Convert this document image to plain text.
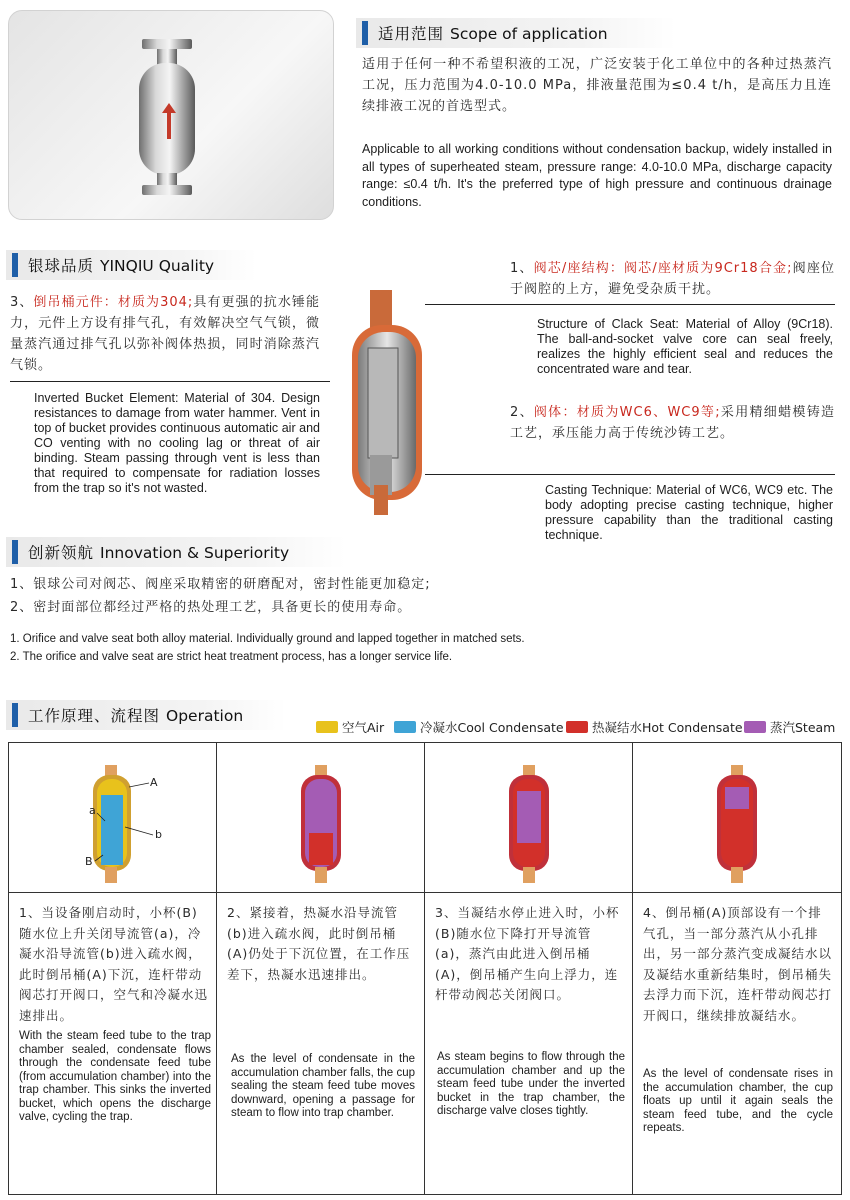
适用范围 Scope of application
适用于任何一种不希望积液的工况，广泛安装于化工单位中的各种过热蒸汽工况，压力范围为4.0-10.0 MPa，排液量范围为≤0.4 t/h，是高压力且连续排液工况的首选型式。
Applicable to all working conditions without condensation backup, widely installed in all types of superheated steam, pressure range: 4.0-10.0 MPa, discharge capacity range: ≤0.4 t/h. It's the preferred type of high pressure and continuous drainage conditions.
银球品质 YINQIU Quality
3、倒吊桶元件：材质为304;具有更强的抗水锤能力，元件上方设有排气孔，有效解决空气气锁，微量蒸汽通过排气孔以弥补阀体热损，同时消除蒸汽气锁。
Inverted Bucket Element: Material of 304. Design resistances to damage from water hammer. Vent in top of bucket provides continuous automatic air and CO venting with no cooling lag or threat of air binding. Steam passing through vent is less than that required to compensate for radiation losses from the trap so it's not wasted.
1、阀芯/座结构：阀芯/座材质为9Cr18合金;阀座位于阀腔的上方，避免受杂质干扰。
Structure of Clack Seat: Material of Alloy (9Cr18). The ball-and-socket valve core can seal freely, realizes the highly efficient seal and reduces the concentrated ware and tear.
2、阀体：材质为WC6、WC9等;采用精细蜡模铸造工艺，承压能力高于传统沙铸工艺。
Casting Technique: Material of WC6, WC9 etc. The body adopting precise casting technique, higher pressure capability than the traditional casting technique.
创新领航 Innovation & Superiority
1、银球公司对阀芯、阀座采取精密的研磨配对，密封性能更加稳定;
2、密封面部位都经过严格的热处理工艺，具备更长的使用寿命。
1. Orifice and valve seat both alloy material. Individually ground and lapped together in matched sets.
2. The orifice and valve seat are strict heat treatment process, has a longer service life.
工作原理、流程图 Operation
空气Air	冷凝水Cool Condensate 热凝结水Hot Condensate 蒸汽Steam
A
a
b
B
1、当设备刚启动时，小杯(B)随水位上升关闭导流管(a)，冷凝水沿导流管(b)进入疏水阀，此时倒吊桶(A)下沉，连杆带动阀芯打开阀口，空气和冷凝水迅速排出。
With the steam feed tube to the trap chamber sealed, condensate flows through the condensate feed tube (from accumulation chamber) into the trap chamber. This sinks the inverted bucket, which opens the discharge valve, cycling the trap.
2、紧接着，热凝水沿导流管(b)进入疏水阀，此时倒吊桶(A)仍处于下沉位置，在工作压差下，热凝水迅速排出。
As the level of condensate in the accumulation chamber falls, the cup sealing the steam feed tube moves downward, opening a passage for steam to flow into trap chamber.
3、当凝结水停止进入时，小杯(B)随水位下降打开导流管(a)，蒸汽由此进入倒吊桶(A)，倒吊桶产生向上浮力，连杆带动阀芯关闭阀口。
As steam begins to flow through the accumulation chamber and up the steam feed tube under the inverted bucket in the trap chamber, the discharge valve closes tightly.
4、倒吊桶(A)顶部设有一个排气孔，当一部分蒸汽从小孔排出，另一部分蒸汽变成凝结水以及凝结水重新结集时，倒吊桶失去浮力而下沉，连杆带动阀芯打开阀口，继续排放凝结水。
As the level of condensate rises in the accumulation chamber, the cup floats up until it again seals the steam feed tube, and the cycle repeats.
